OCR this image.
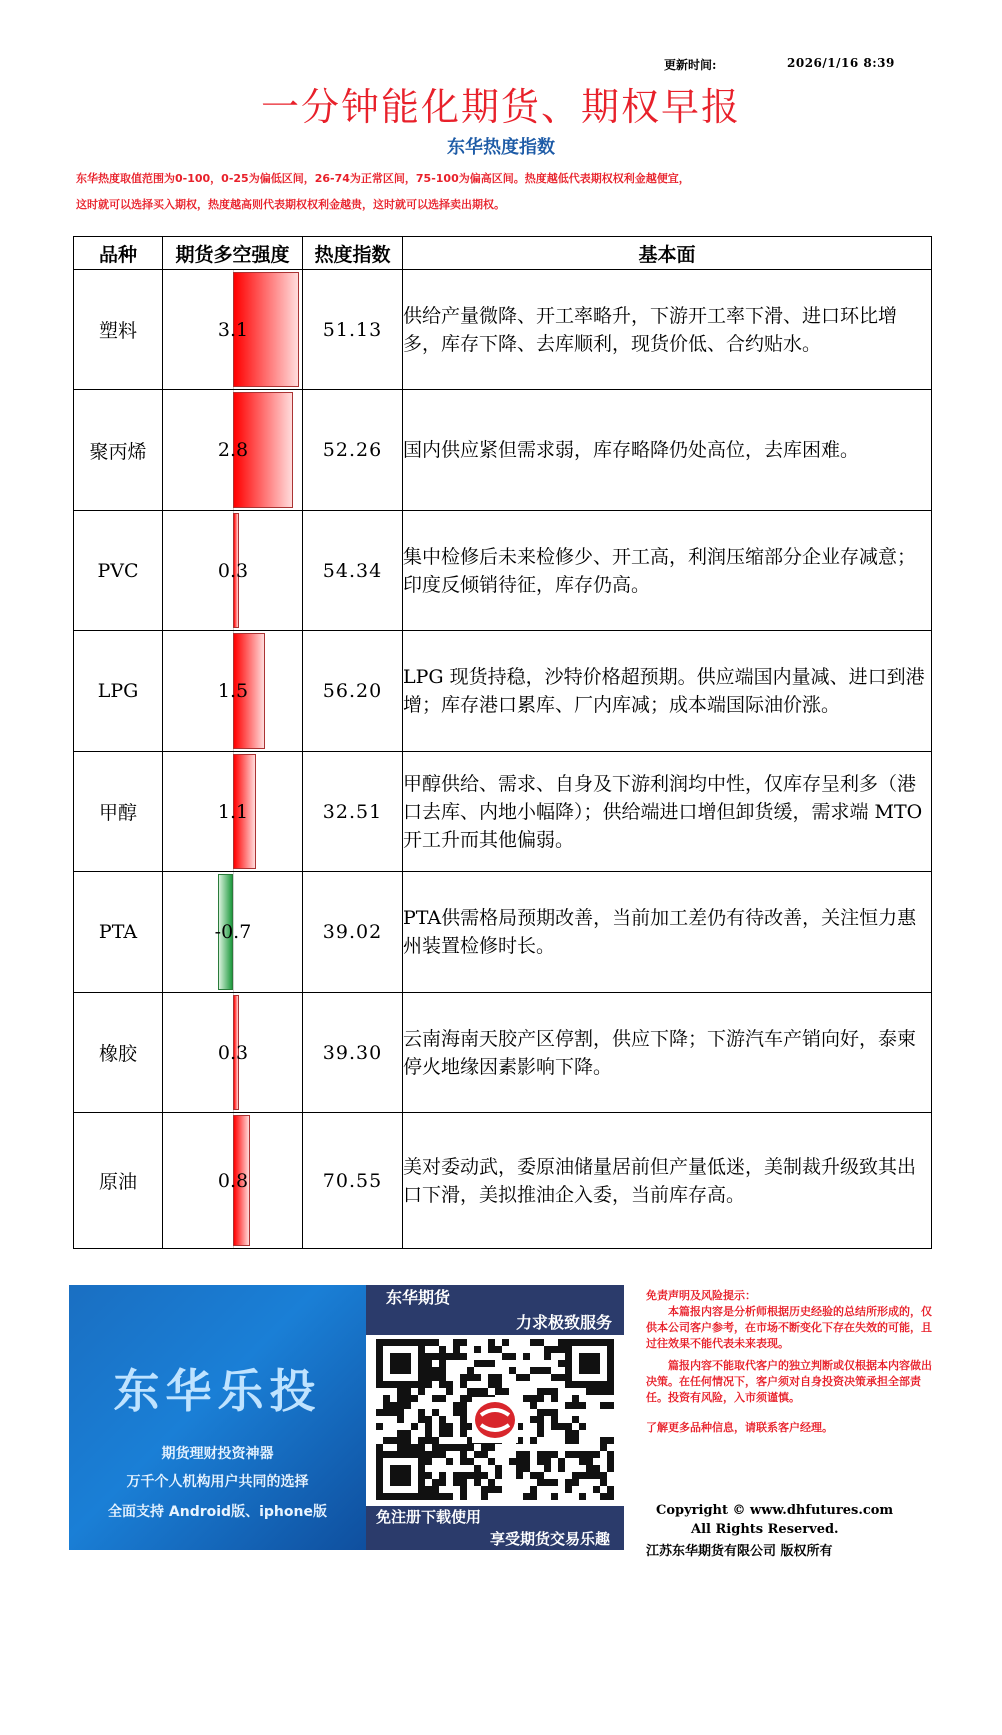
更新时间:	2026/1/16 8:39
一分钟能化期货、期权早报
东华热度指数
东华热度取值范围为0-100，0-25为偏低区间，26-74为正常区间，75-100为偏高区间。热度越低代表期权权利金越便宜，
这时就可以选择买入期权，热度越高则代表期权权利金越贵，这时就可以选择卖出期权。
品种	期货多空强度	热度指数	基本面
塑料	3.1	51.13	供给产量微降、开工率略升，下游开工率下滑、进口环比增多，库存下降、去库顺利，现货价低、合约贴水。
聚丙烯	2.8	52.26	国内供应紧但需求弱，库存略降仍处高位，去库困难。
PVC	0.3	54.34	集中检修后未来检修少、开工高，利润压缩部分企业存减意；印度反倾销待征，库存仍高。
LPG	1.5	56.20	LPG 现货持稳，沙特价格超预期。供应端国内量减、进口到港增；库存港口累库、厂内库减；成本端国际油价涨。
甲醇	1.1	32.51	甲醇供给、需求、自身及下游利润均中性，仅库存呈利多（港口去库、内地小幅降）；供给端进口增但卸货缓，需求端 MTO 开工升而其他偏弱。
PTA	-0.7	39.02	PTA供需格局预期改善，当前加工差仍有待改善，关注恒力惠州装置检修时长。
橡胶	0.3	39.30	云南海南天胶产区停割，供应下降；下游汽车产销向好，泰柬停火地缘因素影响下降。
原油	0.8	70.55	美对委动武，委原油储量居前但产量低迷，美制裁升级致其出口下滑，美拟推油企入委，当前库存高。
东华乐投
期货理财投资神器
万千个人机构用户共同的选择
全面支持 Android版、iphone版
东华期货
力求极致服务
免注册下载使用
享受期货交易乐趣

免责声明及风险提示：

本篇报内容是分析师根据历史经验的总结所形成的，仅供本公司客户参考，在市场不断变化下存在失效的可能，且过往效果不能代表未来表现。

篇报内容不能取代客户的独立判断或仅根据本内容做出决策。在任何情况下，客户须对自身投资决策承担全部责任。投资有风险，入市须谨慎。

了解更多品种信息，请联系客户经理。

Copyright © www.dhfutures.com
All Rights Reserved.
江苏东华期货有限公司 版权所有
